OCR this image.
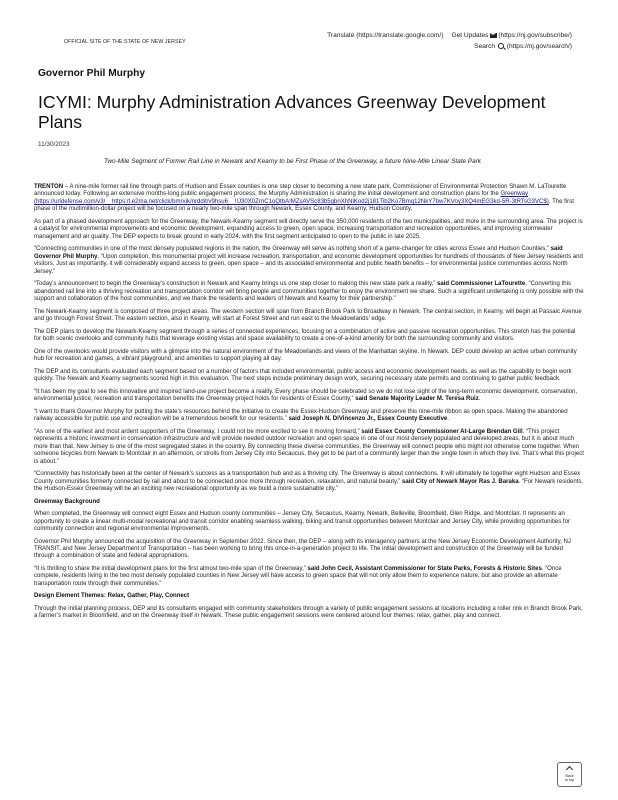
OFFICIAL SITE OF THE STATE OF NEW JERSEY
Translate (https://translate.google.com/) Get Updates (https://nj.gov/subscribe/)
Search (https://nj.gov/search/)
Governor Phil Murphy
ICYMI: Murphy Administration Advances Greenway Development Plans
11/30/2023
Two-Mile Segment of Former Rail Line in Newark and Kearny to be First Phase of the Greenway, a future Nine-Mile Linear State Park

TRENTON – A nine-mile former rail line through parts of Hudson and Essex counties is one step closer to becoming a new state park, Commissioner of Environmental Protection Shawn M. LaTourette announced today. Following an extensive months-long public engagement process, the Murphy Administration is sharing the initial development and construction plans for the Greenway
(https://urldefense.com/v3/__https:/t.e2ma.net/click/bmrxik/nrddit/v9hsu6__!!J30X0ZrnC1oQtbA!MZsAVSc83b5gbnXhNlKod2j181Tib2Ko7Bmq12NkY7bw7KVoy3XQ4mEG3kd-5R-3tRTsG3VC$). The first phase of the multimillion-dollar project will be focused on a nearly two-mile span through Newark, Essex County, and Kearny, Hudson County.

As part of a phased development approach for the Greenway, the Newark-Kearny segment will directly serve the 350,000 residents of the two municipalities, and more in the surrounding area. The project is a catalyst for environmental improvements and economic development, expanding access to green, open space, increasing transportation and recreation opportunities, and improving stormwater management and air quality. The DEP expects to break ground in early 2024, with the first segment anticipated to open to the public in late 2025.

“Connecting communities in one of the most densely populated regions in the nation, the Greenway will serve as nothing short of a game-changer for cities across Essex and Hudson Counties,” said Governor Phil Murphy. “Upon completion, this monumental project will increase recreation, transportation, and economic development opportunities for hundreds of thousands of New Jersey residents and visitors. Just as importantly, it will considerably expand access to green, open space – and its associated environmental and public health benefits – for environmental justice communities across North Jersey.”

“Today’s announcement to begin the Greenway’s construction in Newark and Kearny brings us one step closer to making this new state park a reality,” said Commissioner LaTourette. “Converting this abandoned rail line into a thriving recreation and transportation corridor will bring people and communities together to enjoy the environment we share. Such a significant undertaking is only possible with the support and collaboration of the host communities, and we thank the residents and leaders of Newark and Kearny for their partnership.”

The Newark-Kearny segment is composed of three project areas. The western section will span from Branch Brook Park to Broadway in Newark. The central section, in Kearny, will begin at Passaic Avenue and go through Forest Street. The eastern section, also in Kearny, will start at Forest Street and run east to the Meadowlands’ edge.

The DEP plans to develop the Newark-Kearny segment through a series of connected experiences, focusing on a combination of active and passive recreation opportunities. This stretch has the potential for both scenic overlooks and community hubs that leverage existing vistas and space availability to create a one-of-a-kind amenity for both the surrounding community and visitors.

One of the overlooks would provide visitors with a glimpse into the natural environment of the Meadowlands and views of the Manhattan skyline. In Newark, DEP could develop an active urban community hub for recreation and games, a vibrant playground, and amenities to support playing all day.

The DEP and its consultants evaluated each segment based on a number of factors that included environmental, public access and economic development needs, as well as the capability to begin work quickly. The Newark and Kearny segments scored high in this evaluation. The next steps include preliminary design work, securing necessary state permits and continuing to gather public feedback.

“It has been my goal to see this innovative and inspired land-use project become a reality. Every phase should be celebrated so we do not lose sight of the long-term economic development, conservation, environmental justice, recreation and transportation benefits the Greenway project holds for residents of Essex County,” said Senate Majority Leader M. Teresa Ruiz.

“I want to thank Governor Murphy for putting the state’s resources behind the initiative to create the Essex-Hudson Greenway and preserve this nine-mile ribbon as open space. Making the abandoned railway accessible for public use and recreation will be a tremendous benefit for our residents.” said Joseph N. DiVincenzo Jr., Essex County Executive.

“As one of the earliest and most ardent supporters of the Greenway, I could not be more excited to see it moving forward,” said Essex County Commissioner At-Large Brendan Gill. “This project represents a historic investment in conservation infrastructure and will provide needed outdoor recreation and open space in one of our most densely populated and developed areas, but it is about much more than that. New Jersey is one of the most segregated states in the country. By connecting these diverse communities, the Greenway will connect people who might not otherwise come together. When someone bicycles from Newark to Montclair in an afternoon, or strolls from Jersey City into Secaucus, they get to be part of a community larger than the single town in which they live. That’s what this project is about.”

“Connectivity has historically been at the center of Newark’s success as a transportation hub and as a thriving city. The Greenway is about connections. It will ultimately tie together eight Hudson and Essex County communities formerly connected by rail and about to be connected once more through recreation, relaxation, and natural beauty,” said City of Newark Mayor Ras J. Baraka. “For Newark residents, the Hudson-Essex Greenway will be an exciting new recreational opportunity as we build a more sustainable city.”

Greenway Background

When completed, the Greenway will connect eight Essex and Hudson county communities – Jersey City, Secaucus, Kearny, Newark, Belleville, Bloomfield, Glen Ridge, and Montclair. It represents an opportunity to create a linear multi-modal recreational and transit corridor enabling seamless walking, biking and transit opportunities between Montclair and Jersey City, while providing opportunities for community connection and regional environmental improvements.

Governor Phil Murphy announced the acquisition of the Greenway in September 2022. Since then, the DEP – along with its interagency partners at the New Jersey Economic Development Authority, NJ TRANSIT, and New Jersey Department of Transportation – has been working to bring this once-in-a-generation project to life. The initial development and construction of the Greenway will be funded through a combination of state and federal appropriations.

“It is thrilling to share the initial development plans for the first almost two-mile span of the Greenway,” said John Cecil, Assistant Commissioner for State Parks, Forests & Historic Sites. “Once complete, residents living in the two most densely populated counties in New Jersey will have access to green space that will not only allow them to experience nature, but also provide an alternate transportation route through their communities.”

Design Element Themes: Relax, Gather, Play, Connect

Through the initial planning process, DEP and its consultants engaged with community stakeholders through a variety of public engagement sessions at locations including a roller rink in Branch Brook Park, a farmer’s market in Bloomfield, and on the Greenway itself in Newark. These public engagement sessions were centered around four themes: relax, gather, play and connect.

Back
to top
